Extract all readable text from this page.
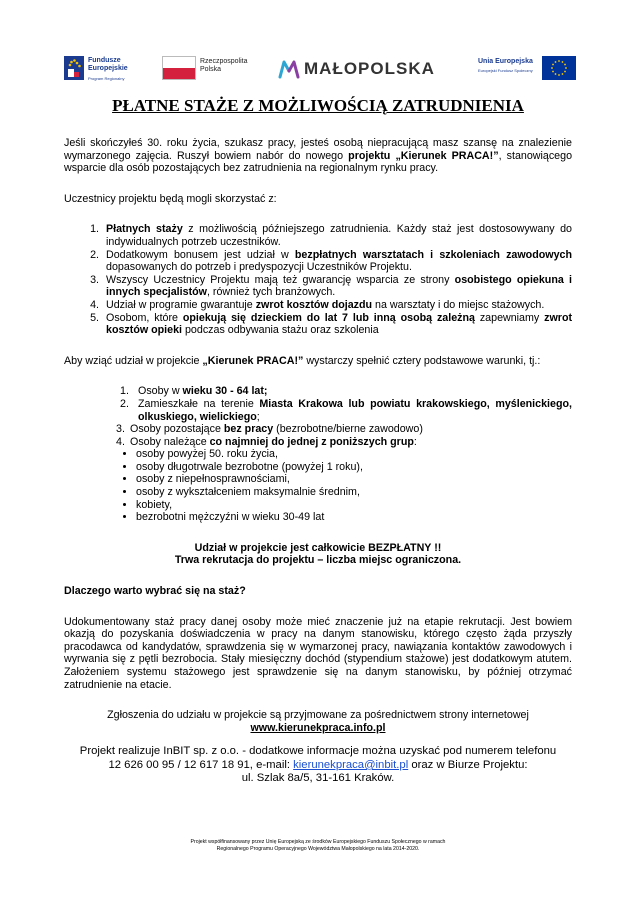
Fundusze
Europejskie
Program Regionalny
Rzeczpospolita
Polska	MAŁOPOLSKA	Unia Europejska
Europejski Fundusz Społeczny
PŁATNE STAŻE Z MOŻLIWOŚCIĄ ZATRUDNIENIA

Jeśli skończyłeś 30. roku życia, szukasz pracy, jesteś osobą niepracującą masz szansę na znalezienie wymarzonego zajęcia. Ruszył bowiem nabór do nowego projektu „Kierunek PRACA!”, stanowiącego wsparcie dla osób pozostających bez zatrudnienia na regionalnym rynku pracy.

Uczestnicy projektu będą mogli skorzystać z:

1. Płatnych staży z możliwością późniejszego zatrudnienia. Każdy staż jest dostosowywany do indywidualnych potrzeb uczestników.
2. Dodatkowym bonusem jest udział w bezpłatnych warsztatach i szkoleniach zawodowych dopasowanych do potrzeb i predyspozycji Uczestników Projektu.
3. Wszyscy Uczestnicy Projektu mają też gwarancję wsparcia ze strony osobistego opiekuna i innych specjalistów, również tych branżowych.
4. Udział w programie gwarantuje zwrot kosztów dojazdu na warsztaty i do miejsc stażowych.
5. Osobom, które opiekują się dzieckiem do lat 7 lub inną osobą zależną zapewniamy zwrot kosztów opieki podczas odbywania stażu oraz szkolenia

Aby wziąć udział w projekcie „Kierunek PRACA!” wystarczy spełnić cztery podstawowe warunki, tj.:

1. Osoby w wieku 30 - 64 lat;
2. Zamieszkałe na terenie Miasta Krakowa lub powiatu krakowskiego, myślenickiego, olkuskiego, wielickiego;
3. Osoby pozostające bez pracy (bezrobotne/bierne zawodowo)
4. Osoby należące co najmniej do jednej z poniższych grup:
• osoby powyżej 50. roku życia,
• osoby długotrwale bezrobotne (powyżej 1 roku),
• osoby z niepełnosprawnościami,
• osoby z wykształceniem maksymalnie średnim,
• kobiety,
• bezrobotni mężczyźni w wieku 30-49 lat

Udział w projekcie jest całkowicie BEZPŁATNY !!

Trwa rekrutacja do projektu – liczba miejsc ograniczona.

Dlaczego warto wybrać się na staż?

Udokumentowany staż pracy danej osoby może mieć znaczenie już na etapie rekrutacji. Jest bowiem okazją do pozyskania doświadczenia w pracy na danym stanowisku, którego często żąda przyszły pracodawca od kandydatów, sprawdzenia się w wymarzonej pracy, nawiązania kontaktów zawodowych i wyrwania się z pętli bezrobocia. Stały miesięczny dochód (stypendium stażowe) jest dodatkowym atutem. Założeniem systemu stażowego jest sprawdzenie się na danym stanowisku, by później otrzymać zatrudnienie na etacie.

Zgłoszenia do udziału w projekcie są przyjmowane za pośrednictwem strony internetowej

www.kierunekpraca.info.pl

Projekt realizuje InBIT sp. z o.o. - dodatkowe informacje można uzyskać pod numerem telefonu

12 626 00 95 / 12 617 18 91, e-mail: kierunekpraca@inbit.pl oraz w Biurze Projektu:

ul. Szlak 8a/5, 31-161 Kraków.

Projekt współfinansowany przez Unię Europejską ze środków Europejskiego Funduszu Społecznego w ramach
Regionalnego Programu Operacyjnego Województwa Małopolskiego na lata 2014-2020.
